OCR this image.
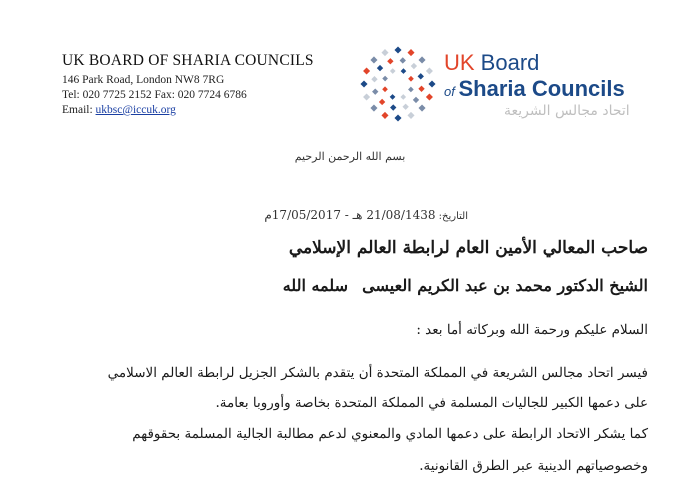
UK BOARD OF SHARIA COUNCILS
146 Park Road, London NW8 7RG
Tel: 020 7725 2152 Fax: 020 7724 6786
Email: ukbsc@iccuk.org
UK Board
of Sharia Councils
اتحاد مجالس الشريعة
بسم الله الرحمن الرحيم
التاريخ: 21/08/1438 هـ - 17/05/2017م
صاحب المعالي الأمين العام لرابطة العالم الإسلامي
الشيخ الدكتور محمد بن عبد الكريم العيسى
سلمه الله
السلام عليكم ورحمة الله وبركاته أما بعد :
فيسر اتحاد مجالس الشريعة في المملكة المتحدة أن يتقدم بالشكر الجزيل لرابطة العالم الاسلامي
على دعمها الكبير للجاليات المسلمة في المملكة المتحدة بخاصة وأوروبا بعامة.
كما يشكر الاتحاد الرابطة على دعمها المادي والمعنوي لدعم مطالبة الجالية المسلمة بحقوقهم
وخصوصياتهم الدينية عبر الطرق القانونية.
